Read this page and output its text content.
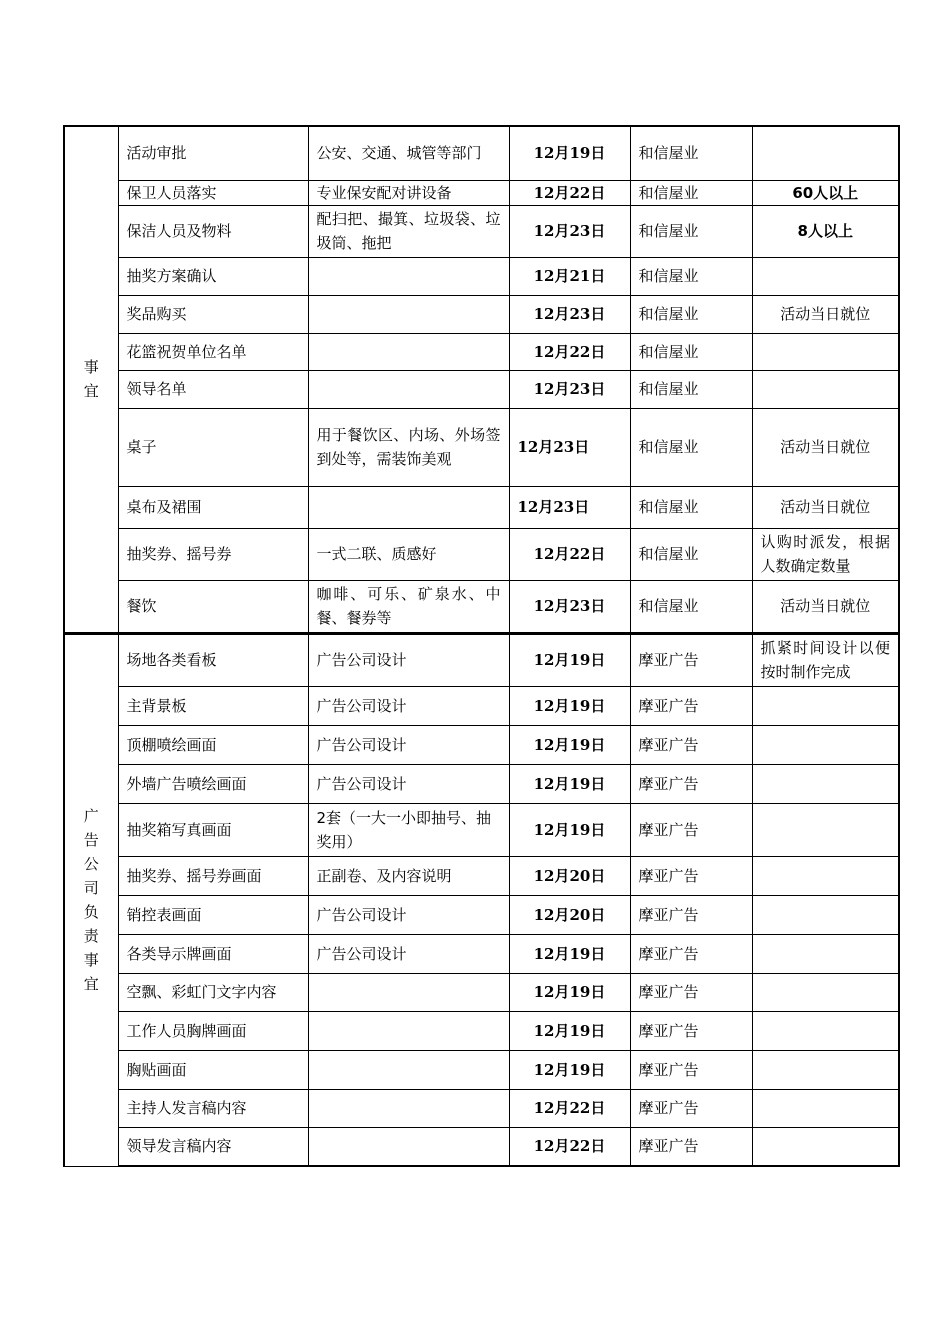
事宜	活动审批	公安、交通、城管等部门	12月19日	和信屋业	
	保卫人员落实	专业保安配对讲设备	12月22日	和信屋业	60人以上
	保洁人员及物料	配扫把、撮箕、垃圾袋、垃圾筒、拖把	12月23日	和信屋业	8人以上
	抽奖方案确认		12月21日	和信屋业	
	奖品购买		12月23日	和信屋业	活动当日就位
	花篮祝贺单位名单		12月22日	和信屋业	
	领导名单		12月23日	和信屋业	
	桌子	用于餐饮区、内场、外场签到处等，需装饰美观	12月23日	和信屋业	活动当日就位
	桌布及裙围		12月23日	和信屋业	活动当日就位
	抽奖券、摇号券	一式二联、质感好	12月22日	和信屋业	认购时派发，根据人数确定数量
	餐饮	咖啡、可乐、矿泉水、中餐、餐券等	12月23日	和信屋业	活动当日就位
广告公司负责事宜	场地各类看板	广告公司设计	12月19日	摩亚广告	抓紧时间设计以便按时制作完成
	主背景板	广告公司设计	12月19日	摩亚广告	
	顶棚喷绘画面	广告公司设计	12月19日	摩亚广告	
	外墙广告喷绘画面	广告公司设计	12月19日	摩亚广告	
	抽奖箱写真画面	2套（一大一小即抽号、抽奖用）	12月19日	摩亚广告	
	抽奖券、摇号券画面	正副卷、及内容说明	12月20日	摩亚广告	
	销控表画面	广告公司设计	12月20日	摩亚广告	
	各类导示牌画面	广告公司设计	12月19日	摩亚广告	
	空飘、彩虹门文字内容		12月19日	摩亚广告	
	工作人员胸牌画面		12月19日	摩亚广告	
	胸贴画面		12月19日	摩亚广告	
	主持人发言稿内容		12月22日	摩亚广告	
	领导发言稿内容		12月22日	摩亚广告	
